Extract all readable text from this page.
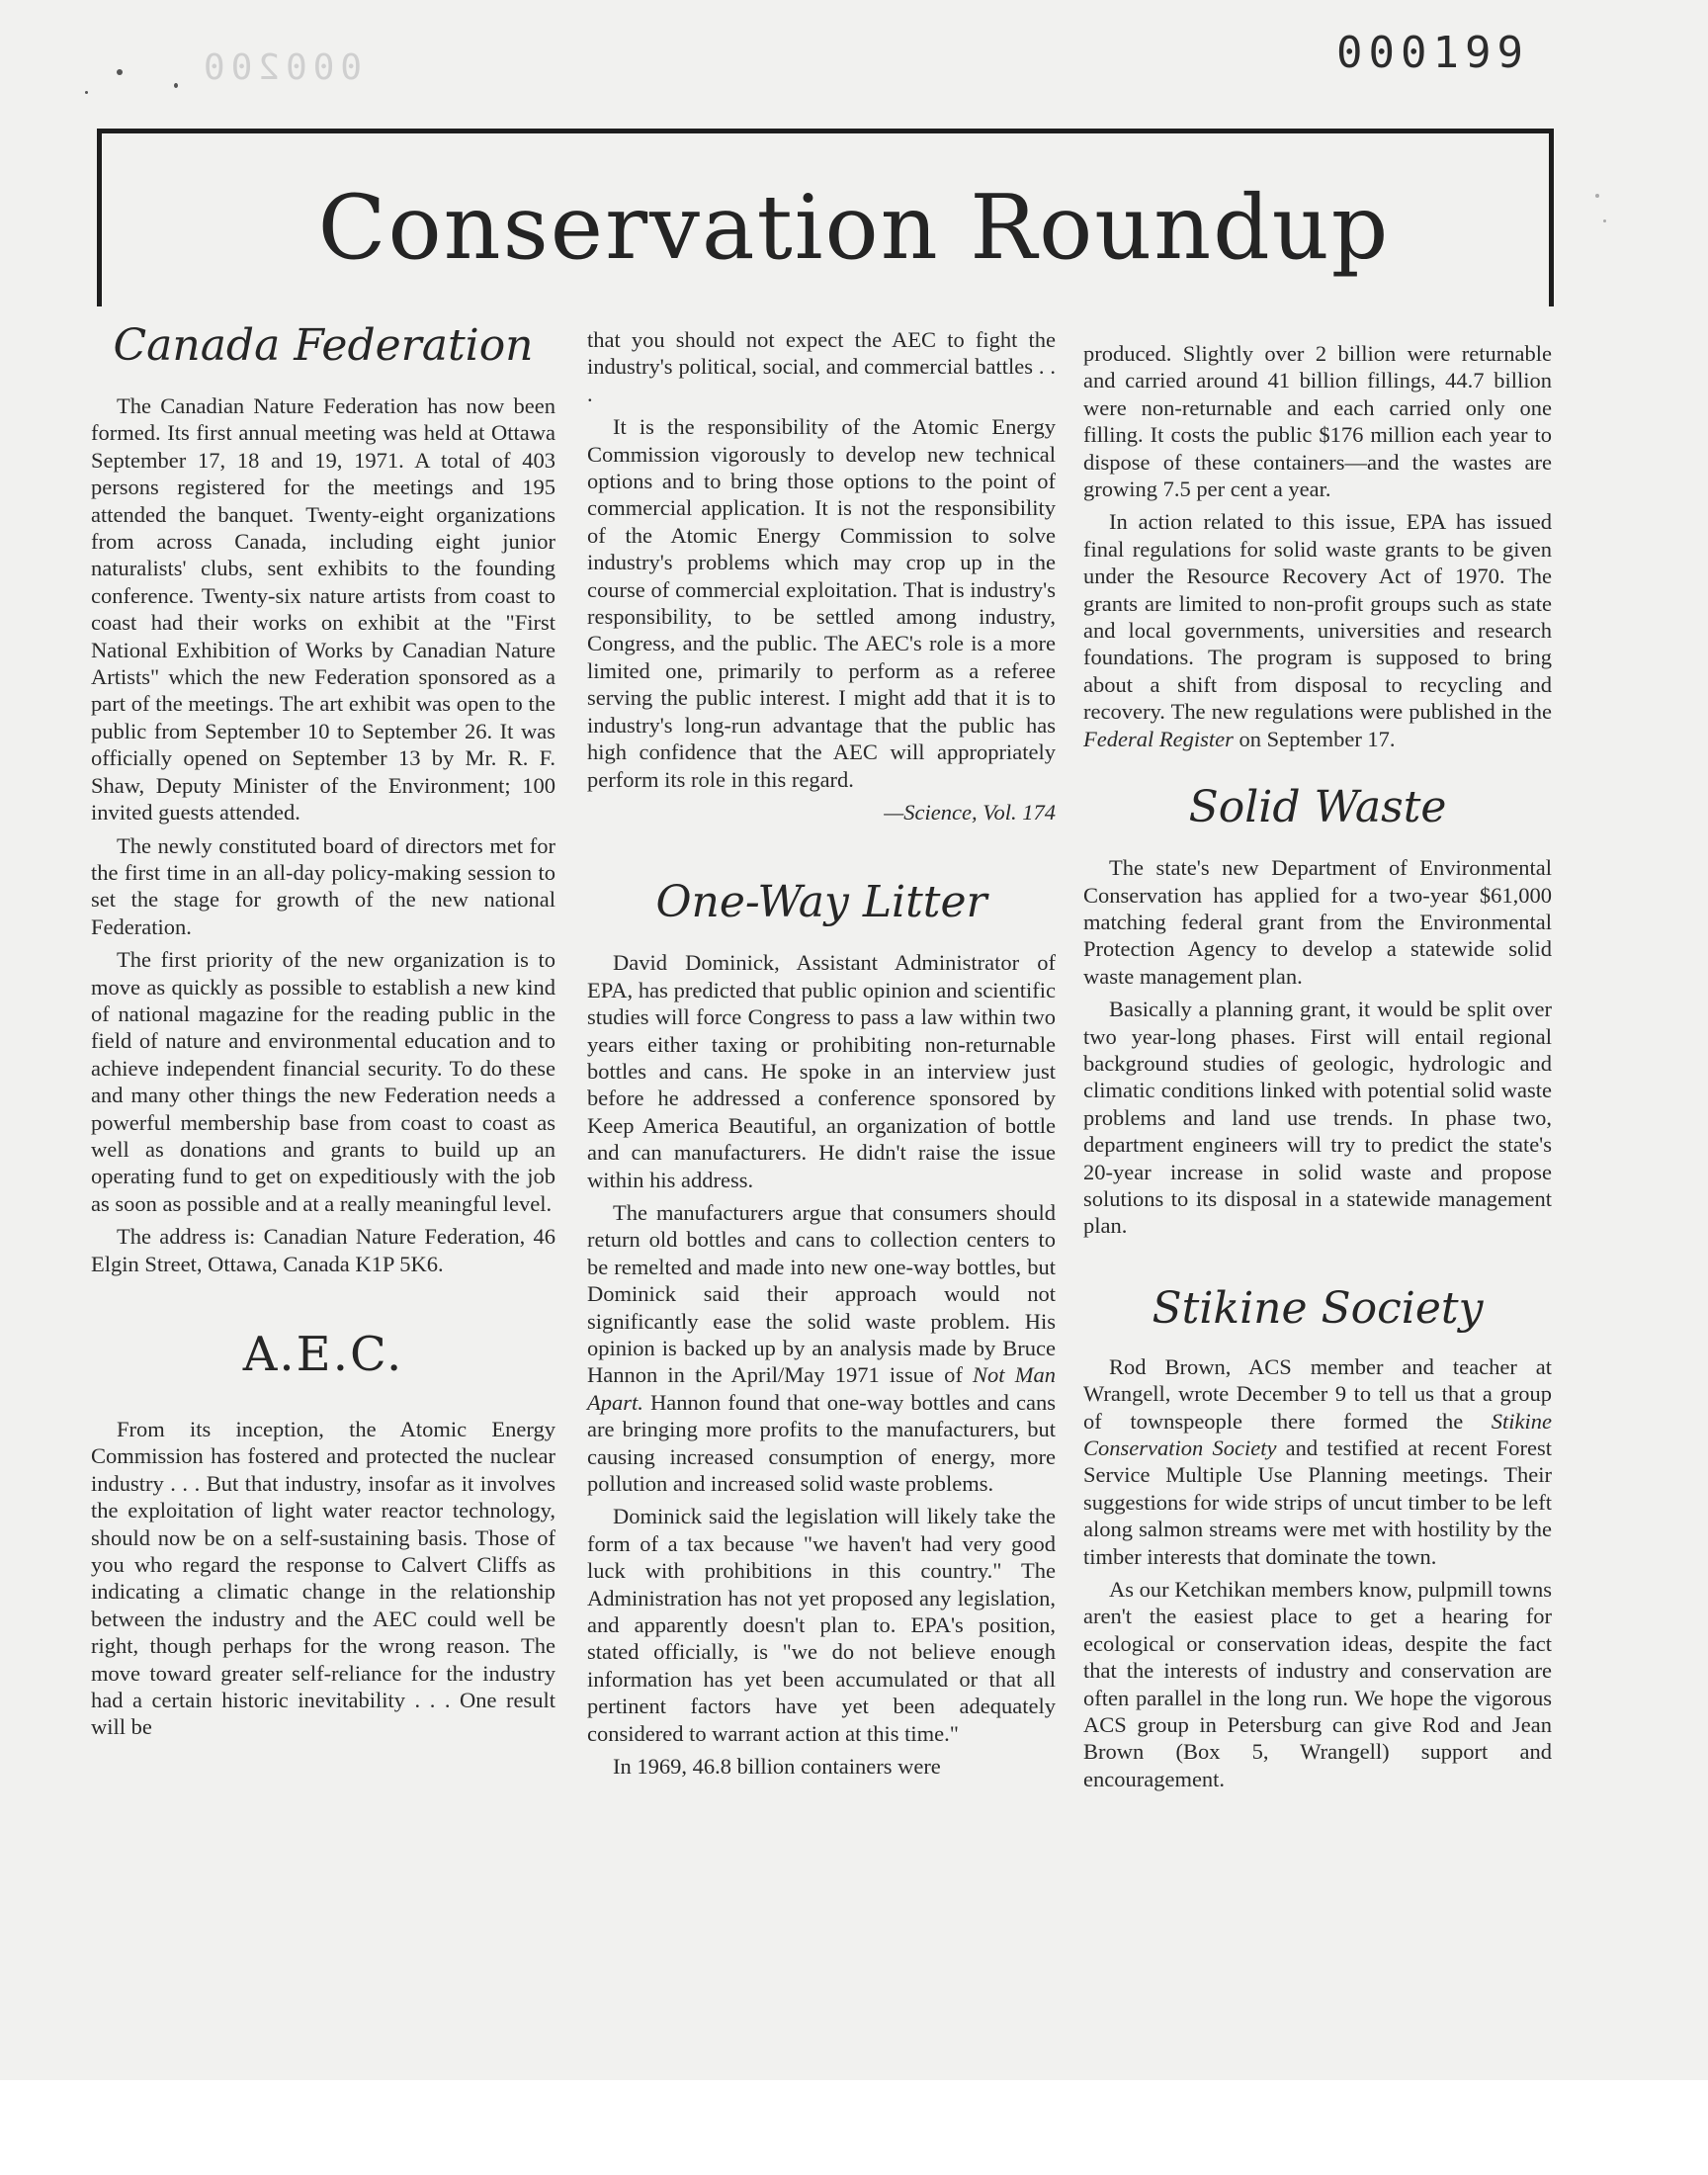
000200	000199
Conservation Roundup
Canada Federation

The Canadian Nature Federation has now been formed. Its first annual meeting was held at Ottawa September 17, 18 and 19, 1971. A total of 403 persons registered for the meetings and 195 attended the banquet. Twenty-eight organizations from across Canada, including eight junior naturalists' clubs, sent exhibits to the founding conference. Twenty-six nature artists from coast to coast had their works on exhibit at the "First National Exhibition of Works by Canadian Nature Artists" which the new Federation sponsored as a part of the meetings. The art exhibit was open to the public from September 10 to September 26. It was officially opened on September 13 by Mr. R. F. Shaw, Deputy Minister of the Environment; 100 invited guests attended.

The newly constituted board of directors met for the first time in an all-day policy-making session to set the stage for growth of the new national Federation.

The first priority of the new organization is to move as quickly as possible to establish a new kind of national magazine for the reading public in the field of nature and environmental education and to achieve independent financial security. To do these and many other things the new Federation needs a powerful membership base from coast to coast as well as donations and grants to build up an operating fund to get on expeditiously with the job as soon as possible and at a really meaningful level.

The address is: Canadian Nature Federation, 46 Elgin Street, Ottawa, Canada K1P 5K6.

A.E.C.

From its inception, the Atomic Energy Commission has fostered and protected the nuclear industry . . . But that industry, insofar as it involves the exploitation of light water reactor technology, should now be on a self-sustaining basis. Those of you who regard the response to Calvert Cliffs as indicating a climatic change in the relationship between the industry and the AEC could well be right, though perhaps for the wrong reason. The move toward greater self-reliance for the industry had a certain historic inevitability . . . One result will be

that you should not expect the AEC to fight the industry's political, social, and commercial battles . . .

It is the responsibility of the Atomic Energy Commission vigorously to develop new technical options and to bring those options to the point of commercial application. It is not the responsibility of the Atomic Energy Commission to solve industry's problems which may crop up in the course of commercial exploitation. That is industry's responsibility, to be settled among industry, Congress, and the public. The AEC's role is a more limited one, primarily to perform as a referee serving the public interest. I might add that it is to industry's long-run advantage that the public has high confidence that the AEC will appropriately perform its role in this regard.

—Science, Vol. 174

One-Way Litter

David Dominick, Assistant Administrator of EPA, has predicted that public opinion and scientific studies will force Congress to pass a law within two years either taxing or prohibiting non-returnable bottles and cans. He spoke in an interview just before he addressed a conference sponsored by Keep America Beautiful, an organization of bottle and can manufacturers. He didn't raise the issue within his address.

The manufacturers argue that consumers should return old bottles and cans to collection centers to be remelted and made into new one-way bottles, but Dominick said their approach would not significantly ease the solid waste problem. His opinion is backed up by an analysis made by Bruce Hannon in the April/May 1971 issue of Not Man Apart. Hannon found that one-way bottles and cans are bringing more profits to the manufacturers, but causing increased consumption of energy, more pollution and increased solid waste problems.

Dominick said the legislation will likely take the form of a tax because "we haven't had very good luck with prohibitions in this country." The Administration has not yet proposed any legislation, and apparently doesn't plan to. EPA's position, stated officially, is "we do not believe enough information has yet been accumulated or that all pertinent factors have yet been adequately considered to warrant action at this time."

In 1969, 46.8 billion containers were

produced. Slightly over 2 billion were returnable and carried around 41 billion fillings, 44.7 billion were non-returnable and each carried only one filling. It costs the public $176 million each year to dispose of these containers—and the wastes are growing 7.5 per cent a year.

In action related to this issue, EPA has issued final regulations for solid waste grants to be given under the Resource Recovery Act of 1970. The grants are limited to non-profit groups such as state and local governments, universities and research foundations. The program is supposed to bring about a shift from disposal to recycling and recovery. The new regulations were published in the Federal Register on September 17.

Solid Waste

The state's new Department of Environmental Conservation has applied for a two-year $61,000 matching federal grant from the Environmental Protection Agency to develop a statewide solid waste management plan.

Basically a planning grant, it would be split over two year-long phases. First will entail regional background studies of geologic, hydrologic and climatic conditions linked with potential solid waste problems and land use trends. In phase two, department engineers will try to predict the state's 20-year increase in solid waste and propose solutions to its disposal in a statewide management plan.

Stikine Society

Rod Brown, ACS member and teacher at Wrangell, wrote December 9 to tell us that a group of townspeople there formed the Stikine Conservation Society and testified at recent Forest Service Multiple Use Planning meetings. Their suggestions for wide strips of uncut timber to be left along salmon streams were met with hostility by the timber interests that dominate the town.

As our Ketchikan members know, pulpmill towns aren't the easiest place to get a hearing for ecological or conservation ideas, despite the fact that the interests of industry and conservation are often parallel in the long run. We hope the vigorous ACS group in Petersburg can give Rod and Jean Brown (Box 5, Wrangell) support and encouragement.
